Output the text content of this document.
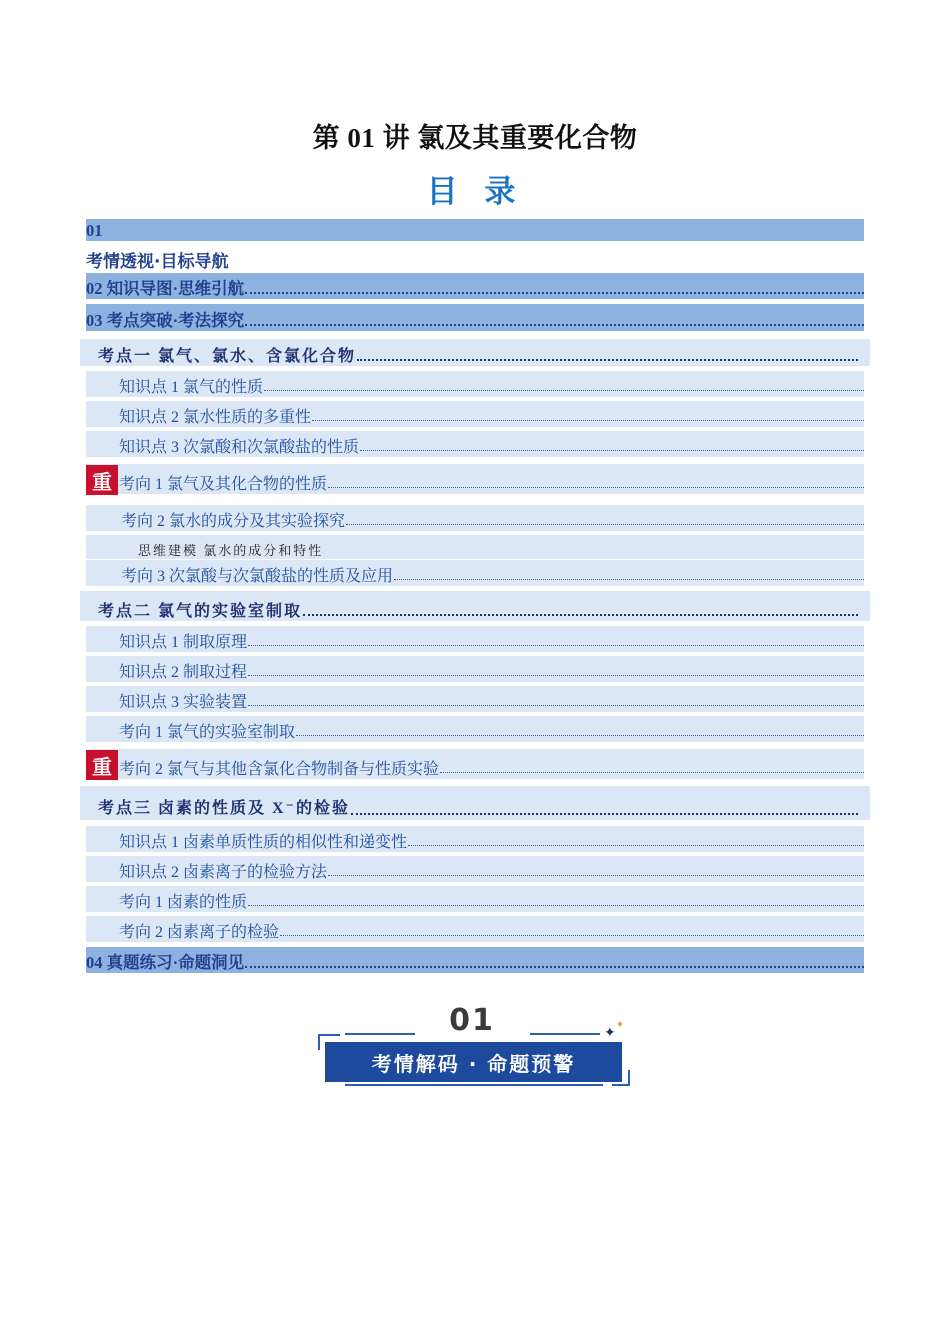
第 01 讲 氯及其重要化合物
目 录
01
考情透视·目标导航
02 知识导图·思维引航
03 考点突破·考法探究
考点一 氯气、氯水、含氯化合物
知识点 1 氯气的性质
知识点 2 氯水性质的多重性
知识点 3 次氯酸和次氯酸盐的性质
考向 1 氯气及其化合物的性质
重
考向 2 氯水的成分及其实验探究
思维建模 氯水的成分和特性
考向 3 次氯酸与次氯酸盐的性质及应用
考点二 氯气的实验室制取
知识点 1 制取原理
知识点 2 制取过程
知识点 3 实验装置
考向 1 氯气的实验室制取
考向 2 氯气与其他含氯化合物制备与性质实验
重
考点三 卤素的性质及 X⁻的检验
知识点 1 卤素单质性质的相似性和递变性
知识点 2 卤素离子的检验方法
考向 1 卤素的性质
考向 2 卤素离子的检验
04 真题练习·命题洞见
01
考情解码 · 命题预警
✦
